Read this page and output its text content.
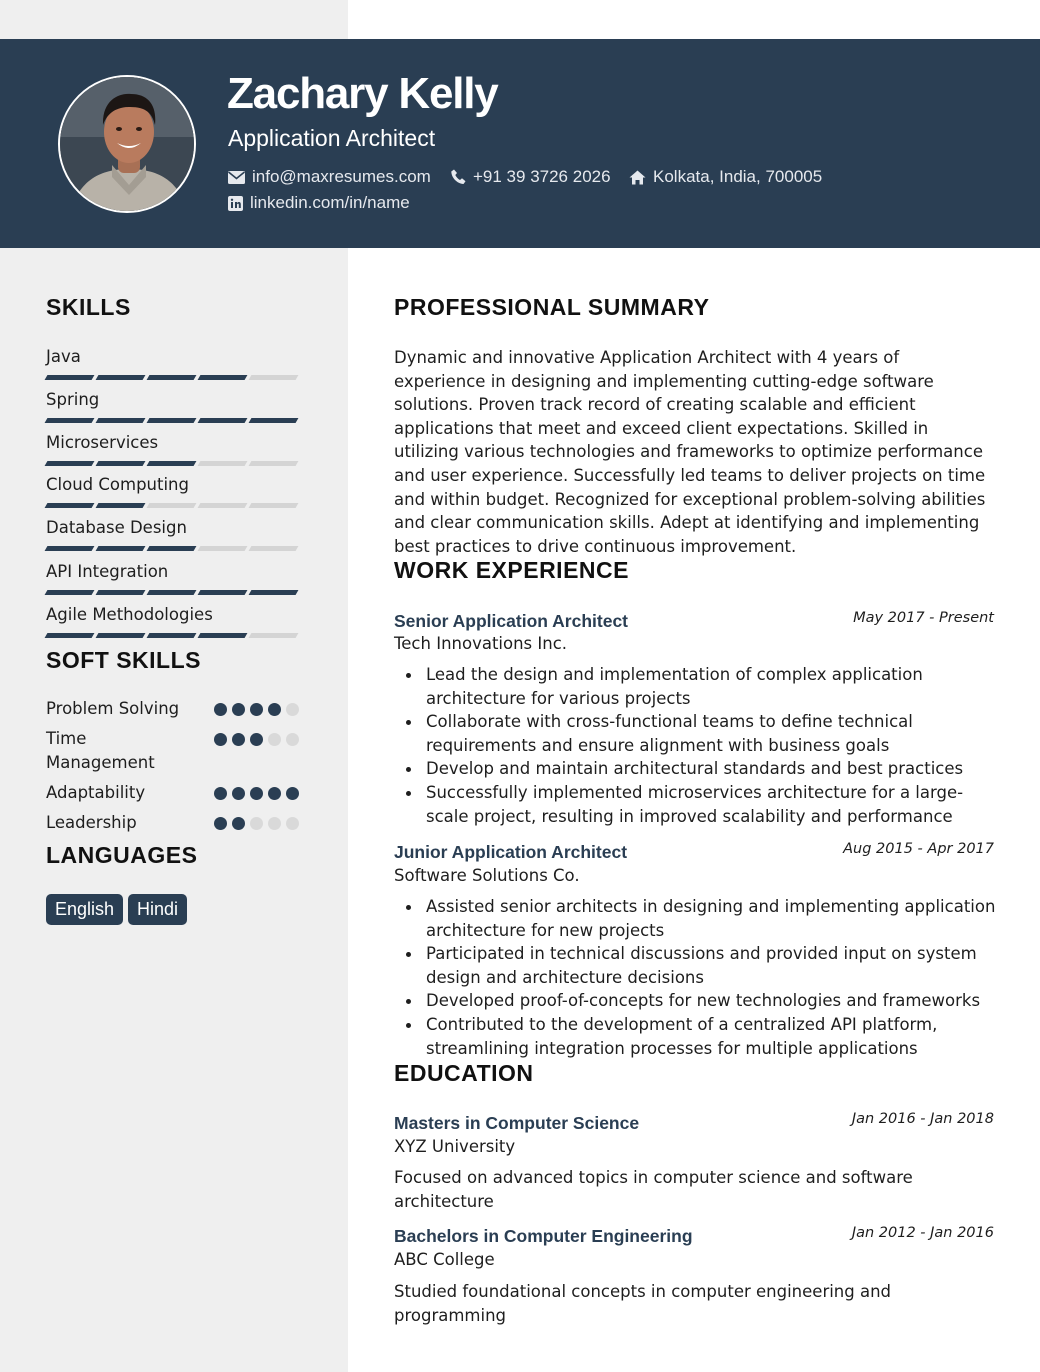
Zachary Kelly
Application Architect
info@maxresumes.com +91 39 3726 2026 Kolkata, India, 700005
linkedin.com/in/name
SKILLS
Java
Spring
Microservices
Cloud Computing
Database Design
API Integration
Agile Methodologies
SOFT SKILLS
Problem Solving
Time Management
Adaptability
Leadership
LANGUAGES
English	Hindi
PROFESSIONAL SUMMARY
Dynamic and innovative Application Architect with 4 years of experience in designing and implementing cutting-edge software solutions. Proven track record of creating scalable and efficient applications that meet and exceed client expectations. Skilled in utilizing various technologies and frameworks to optimize performance and user experience. Successfully led teams to deliver projects on time and within budget. Recognized for exceptional problem-solving abilities and clear communication skills. Adept at identifying and implementing best practices to drive continuous improvement.
WORK EXPERIENCE
Senior Application Architect	May 2017 - Present
Tech Innovations Inc.
Lead the design and implementation of complex application architecture for various projects
Collaborate with cross-functional teams to define technical requirements and ensure alignment with business goals
Develop and maintain architectural standards and best practices
Successfully implemented microservices architecture for a large-scale project, resulting in improved scalability and performance
Junior Application Architect	Aug 2015 - Apr 2017
Software Solutions Co.
Assisted senior architects in designing and implementing application architecture for new projects
Participated in technical discussions and provided input on system design and architecture decisions
Developed proof-of-concepts for new technologies and frameworks
Contributed to the development of a centralized API platform, streamlining integration processes for multiple applications
EDUCATION
Masters in Computer Science	Jan 2016 - Jan 2018
XYZ University
Focused on advanced topics in computer science and software architecture
Bachelors in Computer Engineering	Jan 2012 - Jan 2016
ABC College
Studied foundational concepts in computer engineering and programming
